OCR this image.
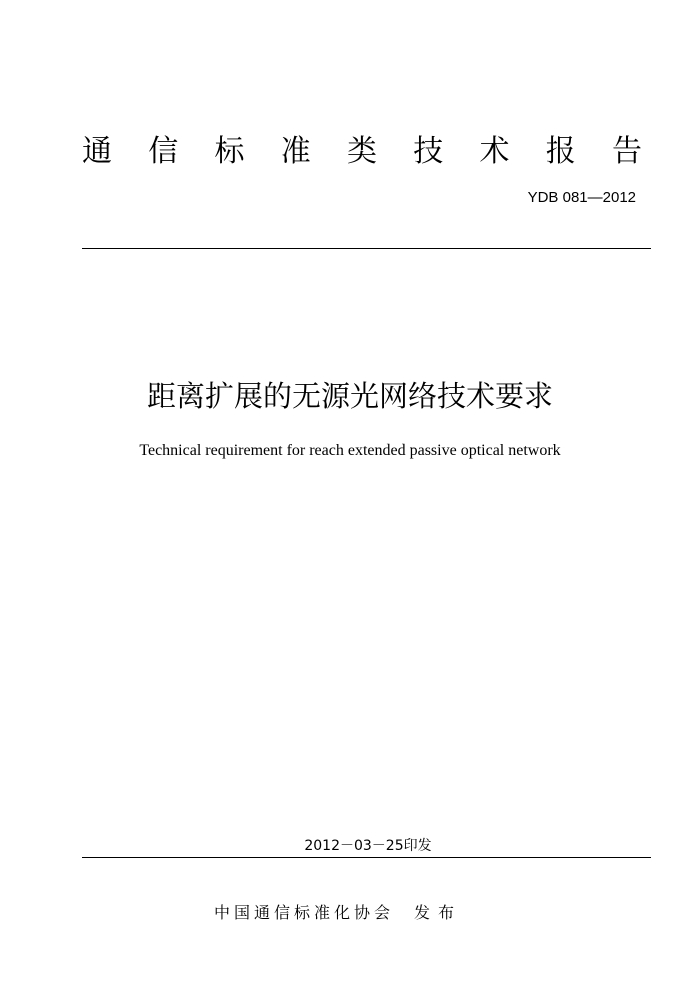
通 信 标 准 类 技 术 报 告
YDB 081—2012
距离扩展的无源光网络技术要求
Technical requirement for reach extended passive optical network
2012－03－25印发
中国通信标准化协会 发布
